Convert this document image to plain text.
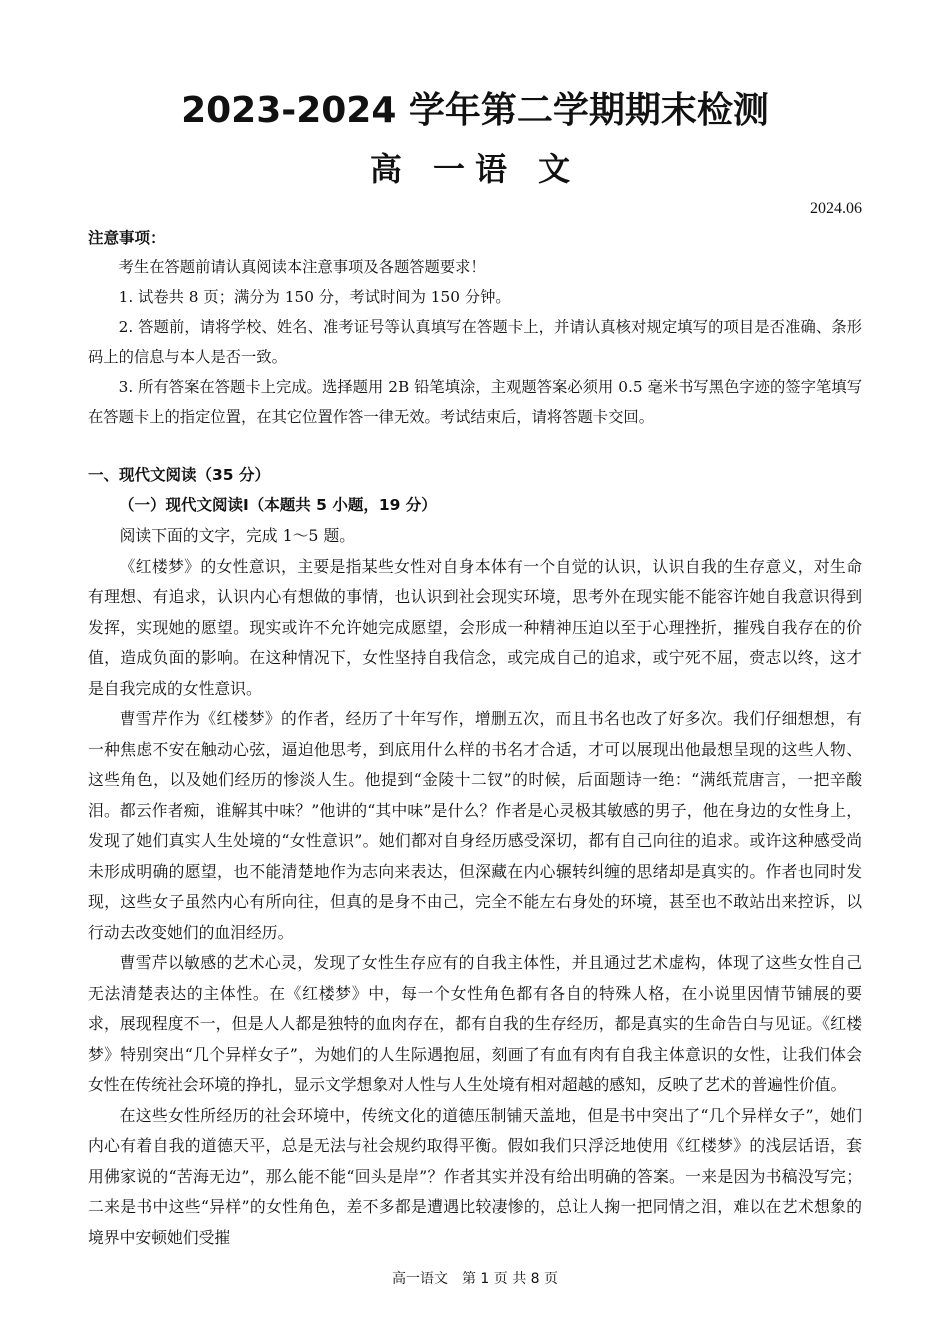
2023-2024 学年第二学期期末检测
高 一语 文
2024.06
注意事项：

考生在答题前请认真阅读本注意事项及各题答题要求！

1. 试卷共 8 页；满分为 150 分，考试时间为 150 分钟。

2. 答题前，请将学校、姓名、准考证号等认真填写在答题卡上，并请认真核对规定填写的项目是否准确、条形码上的信息与本人是否一致。

3. 所有答案在答题卡上完成。选择题用 2B 铅笔填涂，主观题答案必须用 0.5 毫米书写黑色字迹的签字笔填写在答题卡上的指定位置，在其它位置作答一律无效。考试结束后，请将答题卡交回。

一、现代文阅读（35 分）
（一）现代文阅读Ⅰ（本题共 5 小题，19 分）

阅读下面的文字，完成 1～5 题。

《红楼梦》的女性意识，主要是指某些女性对自身本体有一个自觉的认识，认识自我的生存意义，对生命有理想、有追求，认识内心有想做的事情，也认识到社会现实环境，思考外在现实能不能容许她自我意识得到发挥，实现她的愿望。现实或许不允许她完成愿望，会形成一种精神压迫以至于心理挫折，摧残自我存在的价值，造成负面的影响。在这种情况下，女性坚持自我信念，或完成自己的追求，或宁死不屈，赍志以终，这才是自我完成的女性意识。

曹雪芹作为《红楼梦》的作者，经历了十年写作，增删五次，而且书名也改了好多次。我们仔细想想，有一种焦虑不安在触动心弦，逼迫他思考，到底用什么样的书名才合适，才可以展现出他最想呈现的这些人物、这些角色，以及她们经历的惨淡人生。他提到“金陵十二钗”的时候，后面题诗一绝：“满纸荒唐言，一把辛酸泪。都云作者痴，谁解其中味？”他讲的“其中味”是什么？作者是心灵极其敏感的男子，他在身边的女性身上，发现了她们真实人生处境的“女性意识”。她们都对自身经历感受深切，都有自己向往的追求。或许这种感受尚未形成明确的愿望，也不能清楚地作为志向来表达，但深藏在内心辗转纠缠的思绪却是真实的。作者也同时发现，这些女子虽然内心有所向往，但真的是身不由己，完全不能左右身处的环境，甚至也不敢站出来控诉，以行动去改变她们的血泪经历。

曹雪芹以敏感的艺术心灵，发现了女性生存应有的自我主体性，并且通过艺术虚构，体现了这些女性自己无法清楚表达的主体性。在《红楼梦》中，每一个女性角色都有各自的特殊人格，在小说里因情节铺展的要求，展现程度不一，但是人人都是独特的血肉存在，都有自我的生存经历，都是真实的生命告白与见证。《红楼梦》特别突出“几个异样女子”，为她们的人生际遇抱屈，刻画了有血有肉有自我主体意识的女性，让我们体会女性在传统社会环境的挣扎，显示文学想象对人性与人生处境有相对超越的感知，反映了艺术的普遍性价值。

在这些女性所经历的社会环境中，传统文化的道德压制铺天盖地，但是书中突出了“几个异样女子”，她们内心有着自我的道德天平，总是无法与社会规约取得平衡。假如我们只浮泛地使用《红楼梦》的浅层话语，套用佛家说的“苦海无边”，那么能不能“回头是岸”？作者其实并没有给出明确的答案。一来是因为书稿没写完；二来是书中这些“异样”的女性角色，差不多都是遭遇比较凄惨的，总让人掬一把同情之泪，难以在艺术想象的境界中安顿她们受摧

高一语文　第 1 页 共 8 页
